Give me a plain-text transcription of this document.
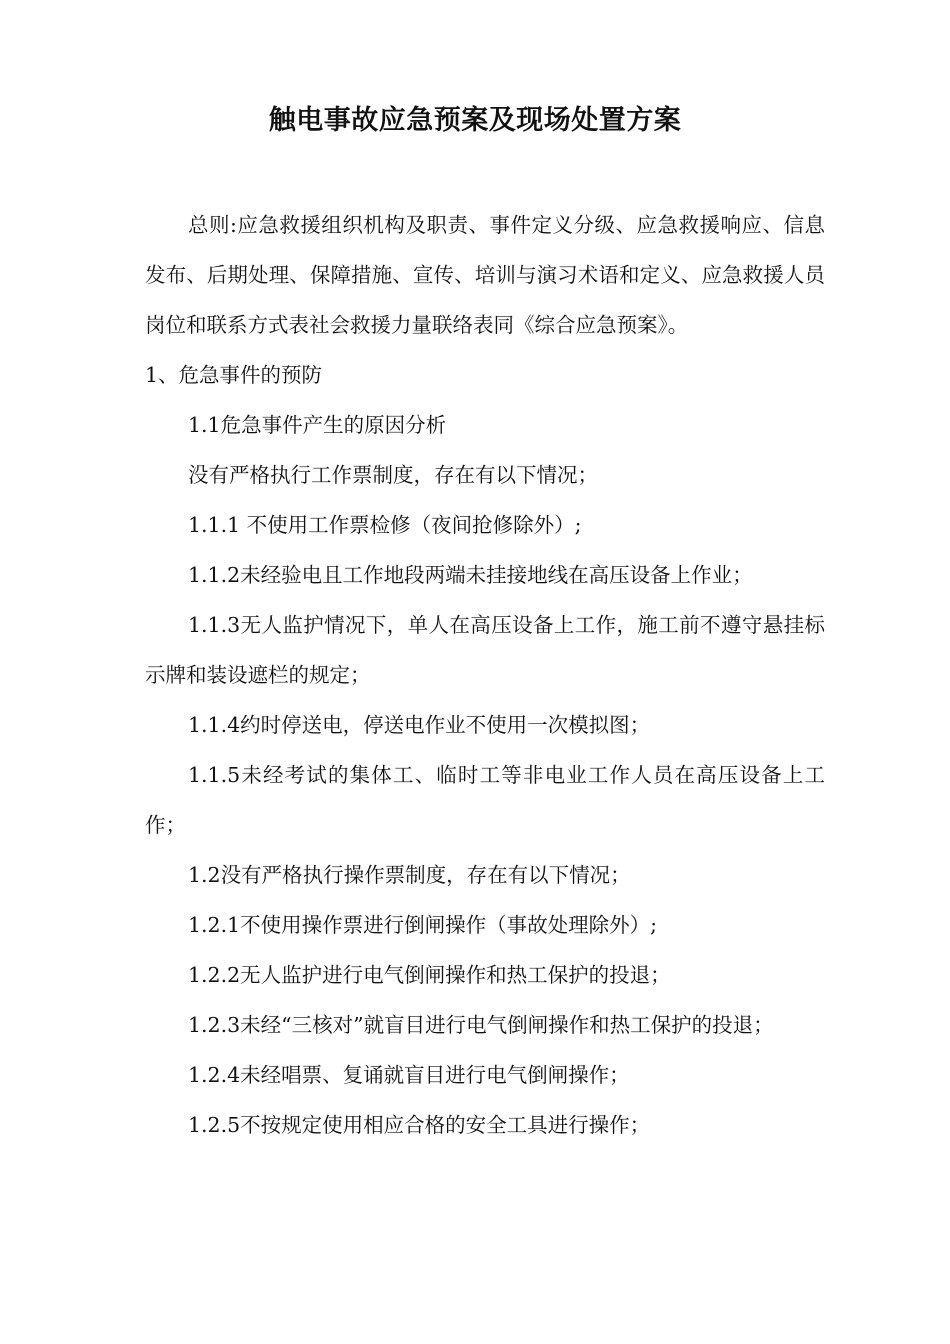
触电事故应急预案及现场处置方案

总则:应急救援组织机构及职责、事件定义分级、应急救援响应、信息发布、后期处理、保障措施、宣传、培训与演习术语和定义、应急救援人员岗位和联系方式表社会救援力量联络表同《综合应急预案》。

1、危急事件的预防

1.1危急事件产生的原因分析

没有严格执行工作票制度，存在有以下情况；

1.1.1 不使用工作票检修（夜间抢修除外）;

1.1.2未经验电且工作地段两端未挂接地线在高压设备上作业；

1.1.3无人监护情况下，单人在高压设备上工作，施工前不遵守悬挂标示牌和装设遮栏的规定；

1.1.4约时停送电，停送电作业不使用一次模拟图；

1.1.5未经考试的集体工、临时工等非电业工作人员在高压设备上工作；

1.2没有严格执行操作票制度，存在有以下情况；

1.2.1不使用操作票进行倒闸操作（事故处理除外）;

1.2.2无人监护进行电气倒闸操作和热工保护的投退；

1.2.3未经“三核对”就盲目进行电气倒闸操作和热工保护的投退；

1.2.4未经唱票、复诵就盲目进行电气倒闸操作；

1.2.5不按规定使用相应合格的安全工具进行操作；
